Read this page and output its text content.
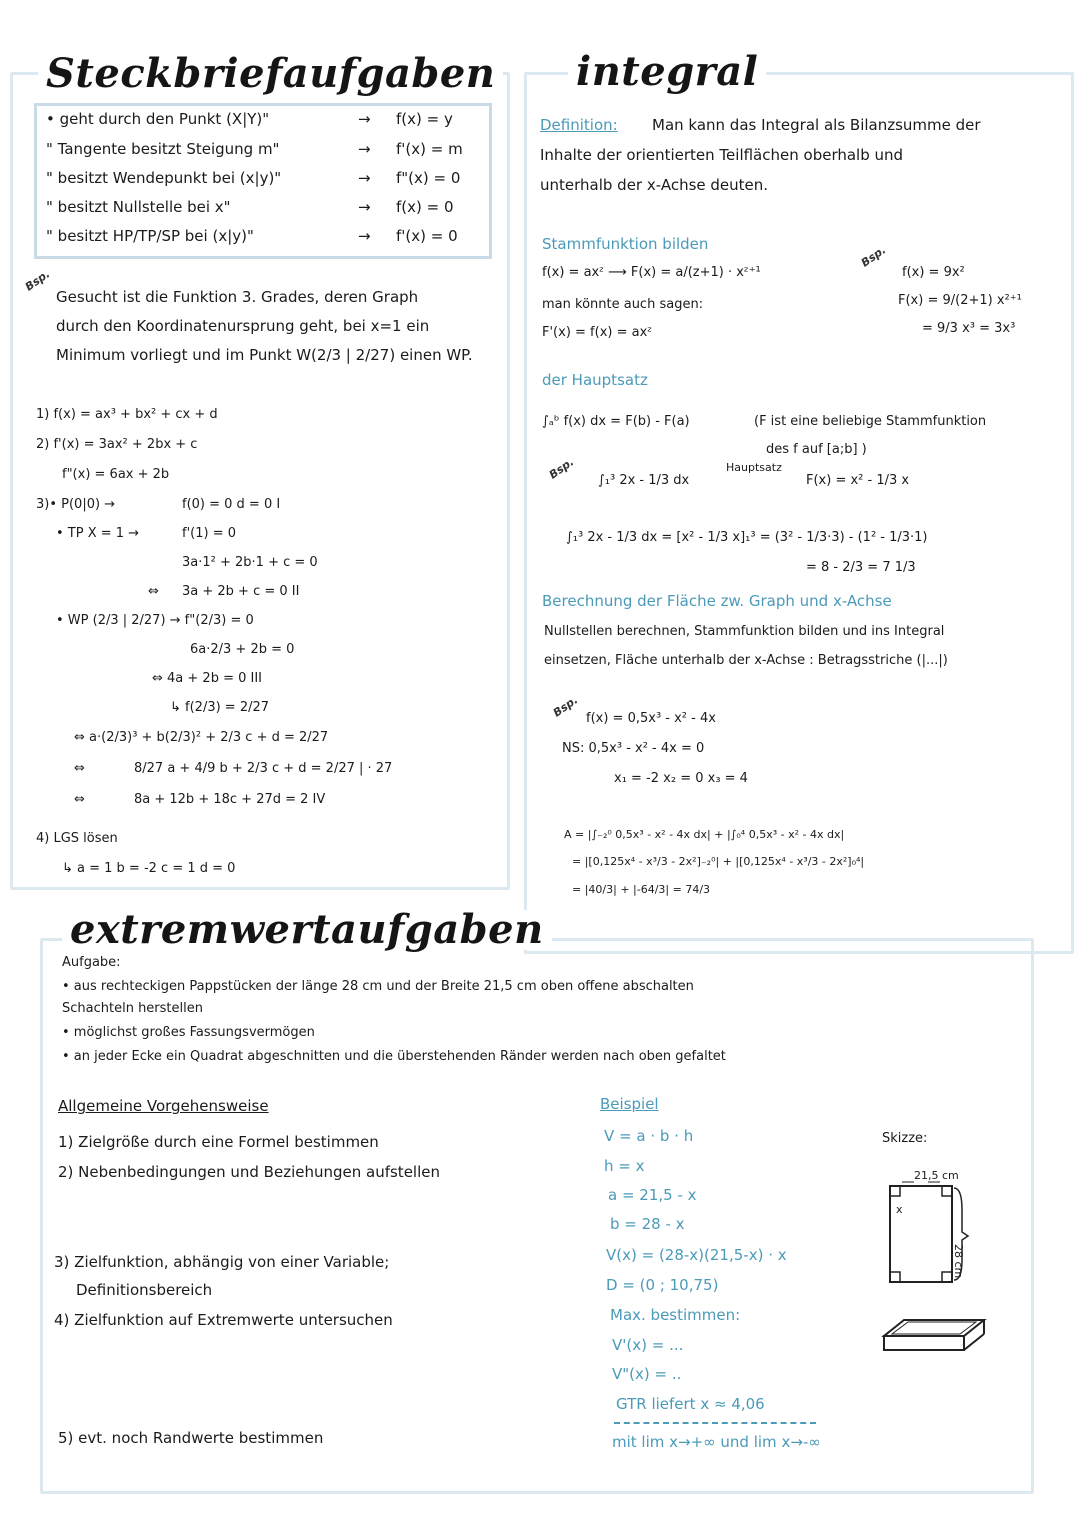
Steckbriefaufgaben
• geht durch den Punkt (X|Y)"	→ f(x) = y
" Tangente besitzt Steigung m"	→ f'(x) = m
" besitzt Wendepunkt bei (x|y)"	→ f"(x) = 0
" besitzt Nullstelle bei x"	→ f(x) = 0
" besitzt HP/TP/SP bei (x|y)"	→ f'(x) = 0
Bsp.
Gesucht ist die Funktion 3. Grades, deren Graph
durch den Koordinatenursprung geht, bei x=1 ein
Minimum vorliegt und im Punkt W(2/3 | 2/27) einen WP.
1) f(x) = ax³ + bx² + cx + d
2) f'(x) = 3ax² + 2bx + c
f"(x) = 6ax + 2b
3)• P(0|0) →	f(0) = 0 d = 0 I
• TP X = 1 →	f'(1) = 0
3a·1² + 2b·1 + c = 0
⇔ 3a + 2b + c = 0 II
• WP (2/3 | 2/27) → f"(2/3) = 0
6a·2/3 + 2b = 0
⇔ 4a + 2b = 0 III
↳ f(2/3) = 2/27
⇔ a·(2/3)³ + b(2/3)² + 2/3 c + d = 2/27
⇔	8/27 a + 4/9 b + 2/3 c + d = 2/27 | · 27
⇔	8a + 12b + 18c + 27d = 2 IV
4) LGS lösen
↳ a = 1 b = -2 c = 1 d = 0
integral
Definition: Man kann das Integral als Bilanzsumme der
Inhalte der orientierten Teilflächen oberhalb und
unterhalb der x-Achse deuten.
Stammfunktion bilden
f(x) = axᶻ ⟶ F(x) = a/(z+1) · xᶻ⁺¹
man könnte auch sagen:
F'(x) = f(x) = axᶻ
Bsp.
f(x) = 9x²
F(x) = 9/(2+1) x²⁺¹
= 9/3 x³ = 3x³
der Hauptsatz
∫ₐᵇ f(x) dx = F(b) - F(a)	(F ist eine beliebige Stammfunktion
des f auf [a;b] )
Bsp. ∫₁³ 2x - 1/3 dx
Hauptsatz
F(x) = x² - 1/3 x
∫₁³ 2x - 1/3 dx = [x² - 1/3 x]₁³ = (3² - 1/3·3) - (1² - 1/3·1)
= 8 - 2/3 = 7 1/3
Berechnung der Fläche zw. Graph und x-Achse
Nullstellen berechnen, Stammfunktion bilden und ins Integral
einsetzen, Fläche unterhalb der x-Achse : Betragsstriche (|...|)
Bsp. f(x) = 0,5x³ - x² - 4x
NS: 0,5x³ - x² - 4x = 0
x₁ = -2 x₂ = 0 x₃ = 4
A = |∫₋₂⁰ 0,5x³ - x² - 4x dx| + |∫₀⁴ 0,5x³ - x² - 4x dx|
= |[0,125x⁴ - x³/3 - 2x²]₋₂⁰| + |[0,125x⁴ - x³/3 - 2x²]₀⁴|
= |40/3| + |-64/3| = 74/3
extremwertaufgaben
Aufgabe:
• aus rechteckigen Pappstücken der länge 28 cm und der Breite 21,5 cm oben offene abschalten
Schachteln herstellen
• möglichst großes Fassungsvermögen
• an jeder Ecke ein Quadrat abgeschnitten und die überstehenden Ränder werden nach oben gefaltet
Allgemeine Vorgehensweise
1) Zielgröße durch eine Formel bestimmen
2) Nebenbedingungen und Beziehungen aufstellen
3) Zielfunktion, abhängig von einer Variable;
Definitionsbereich
4) Zielfunktion auf Extremwerte untersuchen
5) evt. noch Randwerte bestimmen
Beispiel
V = a · b · h
h = x
a = 21,5 - x
b = 28 - x
V(x) = (28-x)(21,5-x) · x
D = (0 ; 10,75)
Max. bestimmen:
V'(x) = ...
V"(x) = ..
GTR liefert x ≈ 4,06
mit lim x→+∞ und lim x→-∞
Skizze:
21,5 cm
28 cm
x
